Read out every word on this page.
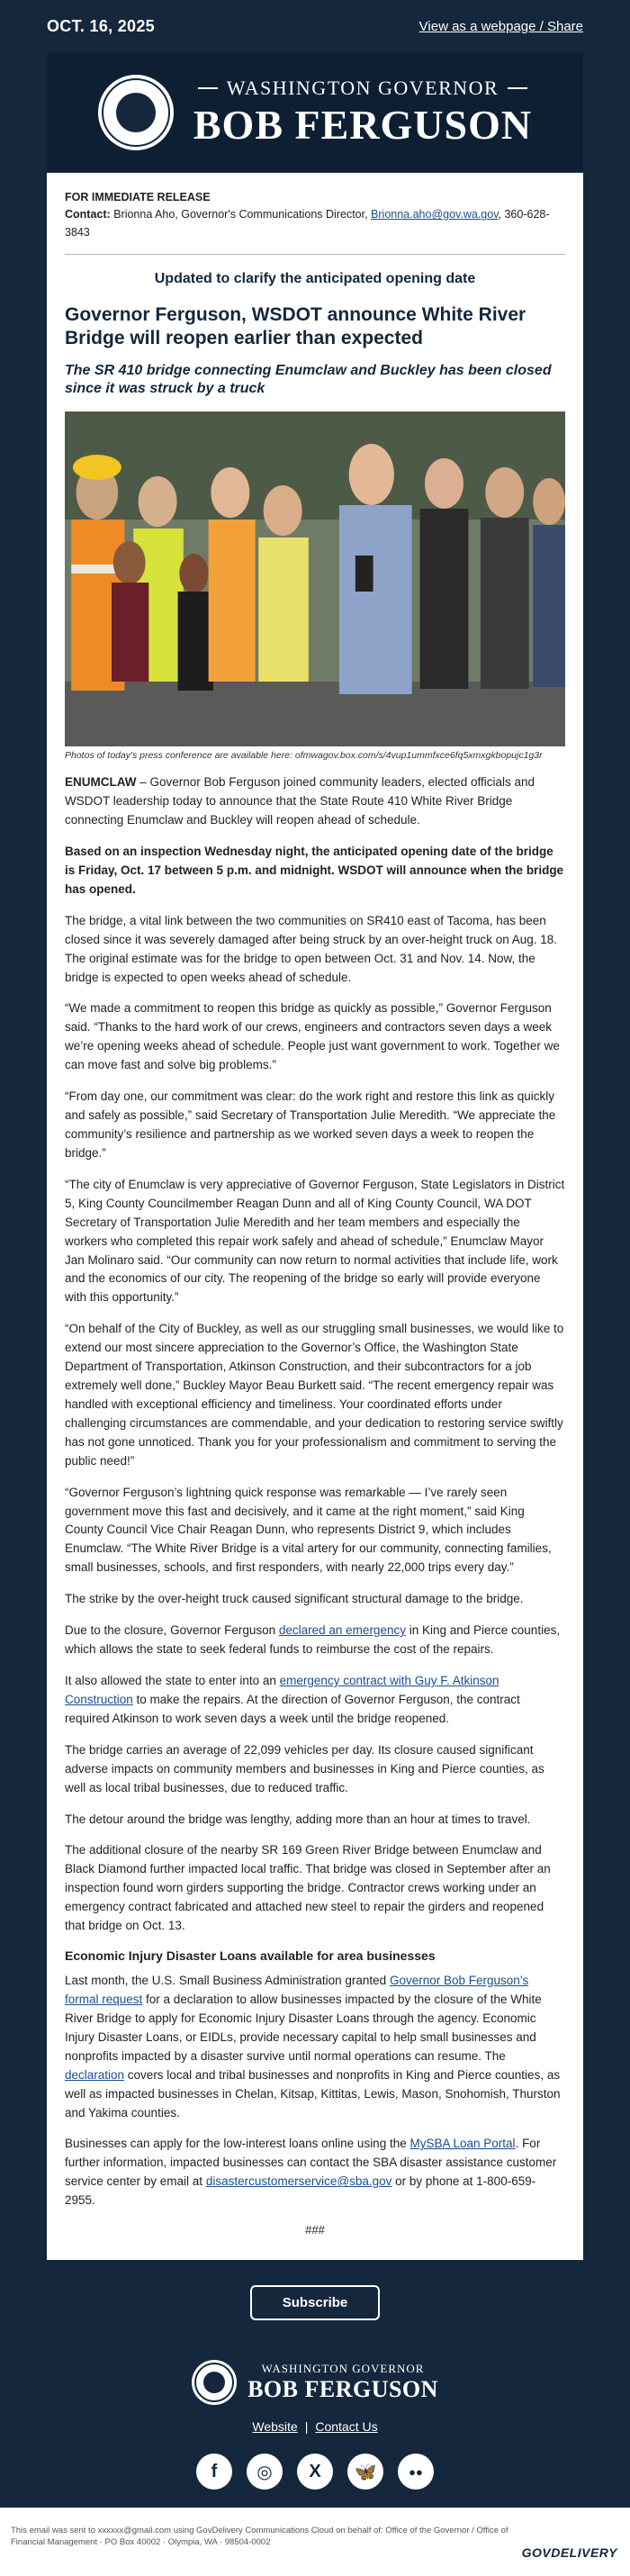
OCT. 16, 2025	View as a webpage / Share
WASHINGTON GOVERNOR
BOB FERGUSON
FOR IMMEDIATE RELEASE
Contact: Brionna Aho, Governor's Communications Director, Brionna.aho@gov.wa.gov, 360-628-3843
Updated to clarify the anticipated opening date
Governor Ferguson, WSDOT announce White River Bridge will reopen earlier than expected
The SR 410 bridge connecting Enumclaw and Buckley has been closed since it was struck by a truck
Photos of today's press conference are available here: ofmwagov.box.com/s/4vup1ummfxce6fq5xmxgkbopujc1g3r

ENUMCLAW – Governor Bob Ferguson joined community leaders, elected officials and WSDOT leadership today to announce that the State Route 410 White River Bridge connecting Enumclaw and Buckley will reopen ahead of schedule.

Based on an inspection Wednesday night, the anticipated opening date of the bridge is Friday, Oct. 17 between 5 p.m. and midnight. WSDOT will announce when the bridge has opened.

The bridge, a vital link between the two communities on SR410 east of Tacoma, has been closed since it was severely damaged after being struck by an over-height truck on Aug. 18. The original estimate was for the bridge to open between Oct. 31 and Nov. 14. Now, the bridge is expected to open weeks ahead of schedule.

“We made a commitment to reopen this bridge as quickly as possible,” Governor Ferguson said. “Thanks to the hard work of our crews, engineers and contractors seven days a week we’re opening weeks ahead of schedule. People just want government to work. Together we can move fast and solve big problems.”

“From day one, our commitment was clear: do the work right and restore this link as quickly and safely as possible,” said Secretary of Transportation Julie Meredith. “We appreciate the community’s resilience and partnership as we worked seven days a week to reopen the bridge.”

“The city of Enumclaw is very appreciative of Governor Ferguson, State Legislators in District 5, King County Councilmember Reagan Dunn and all of King County Council, WA DOT Secretary of Transportation Julie Meredith and her team members and especially the workers who completed this repair work safely and ahead of schedule,” Enumclaw Mayor Jan Molinaro said. “Our community can now return to normal activities that include life, work and the economics of our city. The reopening of the bridge so early will provide everyone with this opportunity.”

“On behalf of the City of Buckley, as well as our struggling small businesses, we would like to extend our most sincere appreciation to the Governor’s Office, the Washington State Department of Transportation, Atkinson Construction, and their subcontractors for a job extremely well done,” Buckley Mayor Beau Burkett said. “The recent emergency repair was handled with exceptional efficiency and timeliness. Your coordinated efforts under challenging circumstances are commendable, and your dedication to restoring service swiftly has not gone unnoticed. Thank you for your professionalism and commitment to serving the public need!”

“Governor Ferguson’s lightning quick response was remarkable — I’ve rarely seen government move this fast and decisively, and it came at the right moment,” said King County Council Vice Chair Reagan Dunn, who represents District 9, which includes Enumclaw. “The White River Bridge is a vital artery for our community, connecting families, small businesses, schools, and first responders, with nearly 22,000 trips every day.”

The strike by the over-height truck caused significant structural damage to the bridge.

Due to the closure, Governor Ferguson declared an emergency in King and Pierce counties, which allows the state to seek federal funds to reimburse the cost of the repairs.

It also allowed the state to enter into an emergency contract with Guy F. Atkinson Construction to make the repairs. At the direction of Governor Ferguson, the contract required Atkinson to work seven days a week until the bridge reopened.

The bridge carries an average of 22,099 vehicles per day. Its closure caused significant adverse impacts on community members and businesses in King and Pierce counties, as well as local tribal businesses, due to reduced traffic.

The detour around the bridge was lengthy, adding more than an hour at times to travel.

The additional closure of the nearby SR 169 Green River Bridge between Enumclaw and Black Diamond further impacted local traffic. That bridge was closed in September after an inspection found worn girders supporting the bridge. Contractor crews working under an emergency contract fabricated and attached new steel to repair the girders and reopened that bridge on Oct. 13.

Economic Injury Disaster Loans available for area businesses

Last month, the U.S. Small Business Administration granted Governor Bob Ferguson’s formal request for a declaration to allow businesses impacted by the closure of the White River Bridge to apply for Economic Injury Disaster Loans through the agency. Economic Injury Disaster Loans, or EIDLs, provide necessary capital to help small businesses and nonprofits impacted by a disaster survive until normal operations can resume. The declaration covers local and tribal businesses and nonprofits in King and Pierce counties, as well as impacted businesses in Chelan, Kitsap, Kittitas, Lewis, Mason, Snohomish, Thurston and Yakima counties.

Businesses can apply for the low-interest loans online using the MySBA Loan Portal. For further information, impacted businesses can contact the SBA disaster assistance customer service center by email at disastercustomerservice@sba.gov or by phone at 1-800-659-2955.

###
Subscribe
WASHINGTON GOVERNOR
BOB FERGUSON
Website | Contact Us
f	◎	X	🦋	●●
This email was sent to xxxxxx@gmail.com using GovDelivery Communications Cloud on behalf of: Office of the Governor / Office of Financial Management · PO Box 40002 · Olympia, WA · 98504-0002
GOVDELIVERY
